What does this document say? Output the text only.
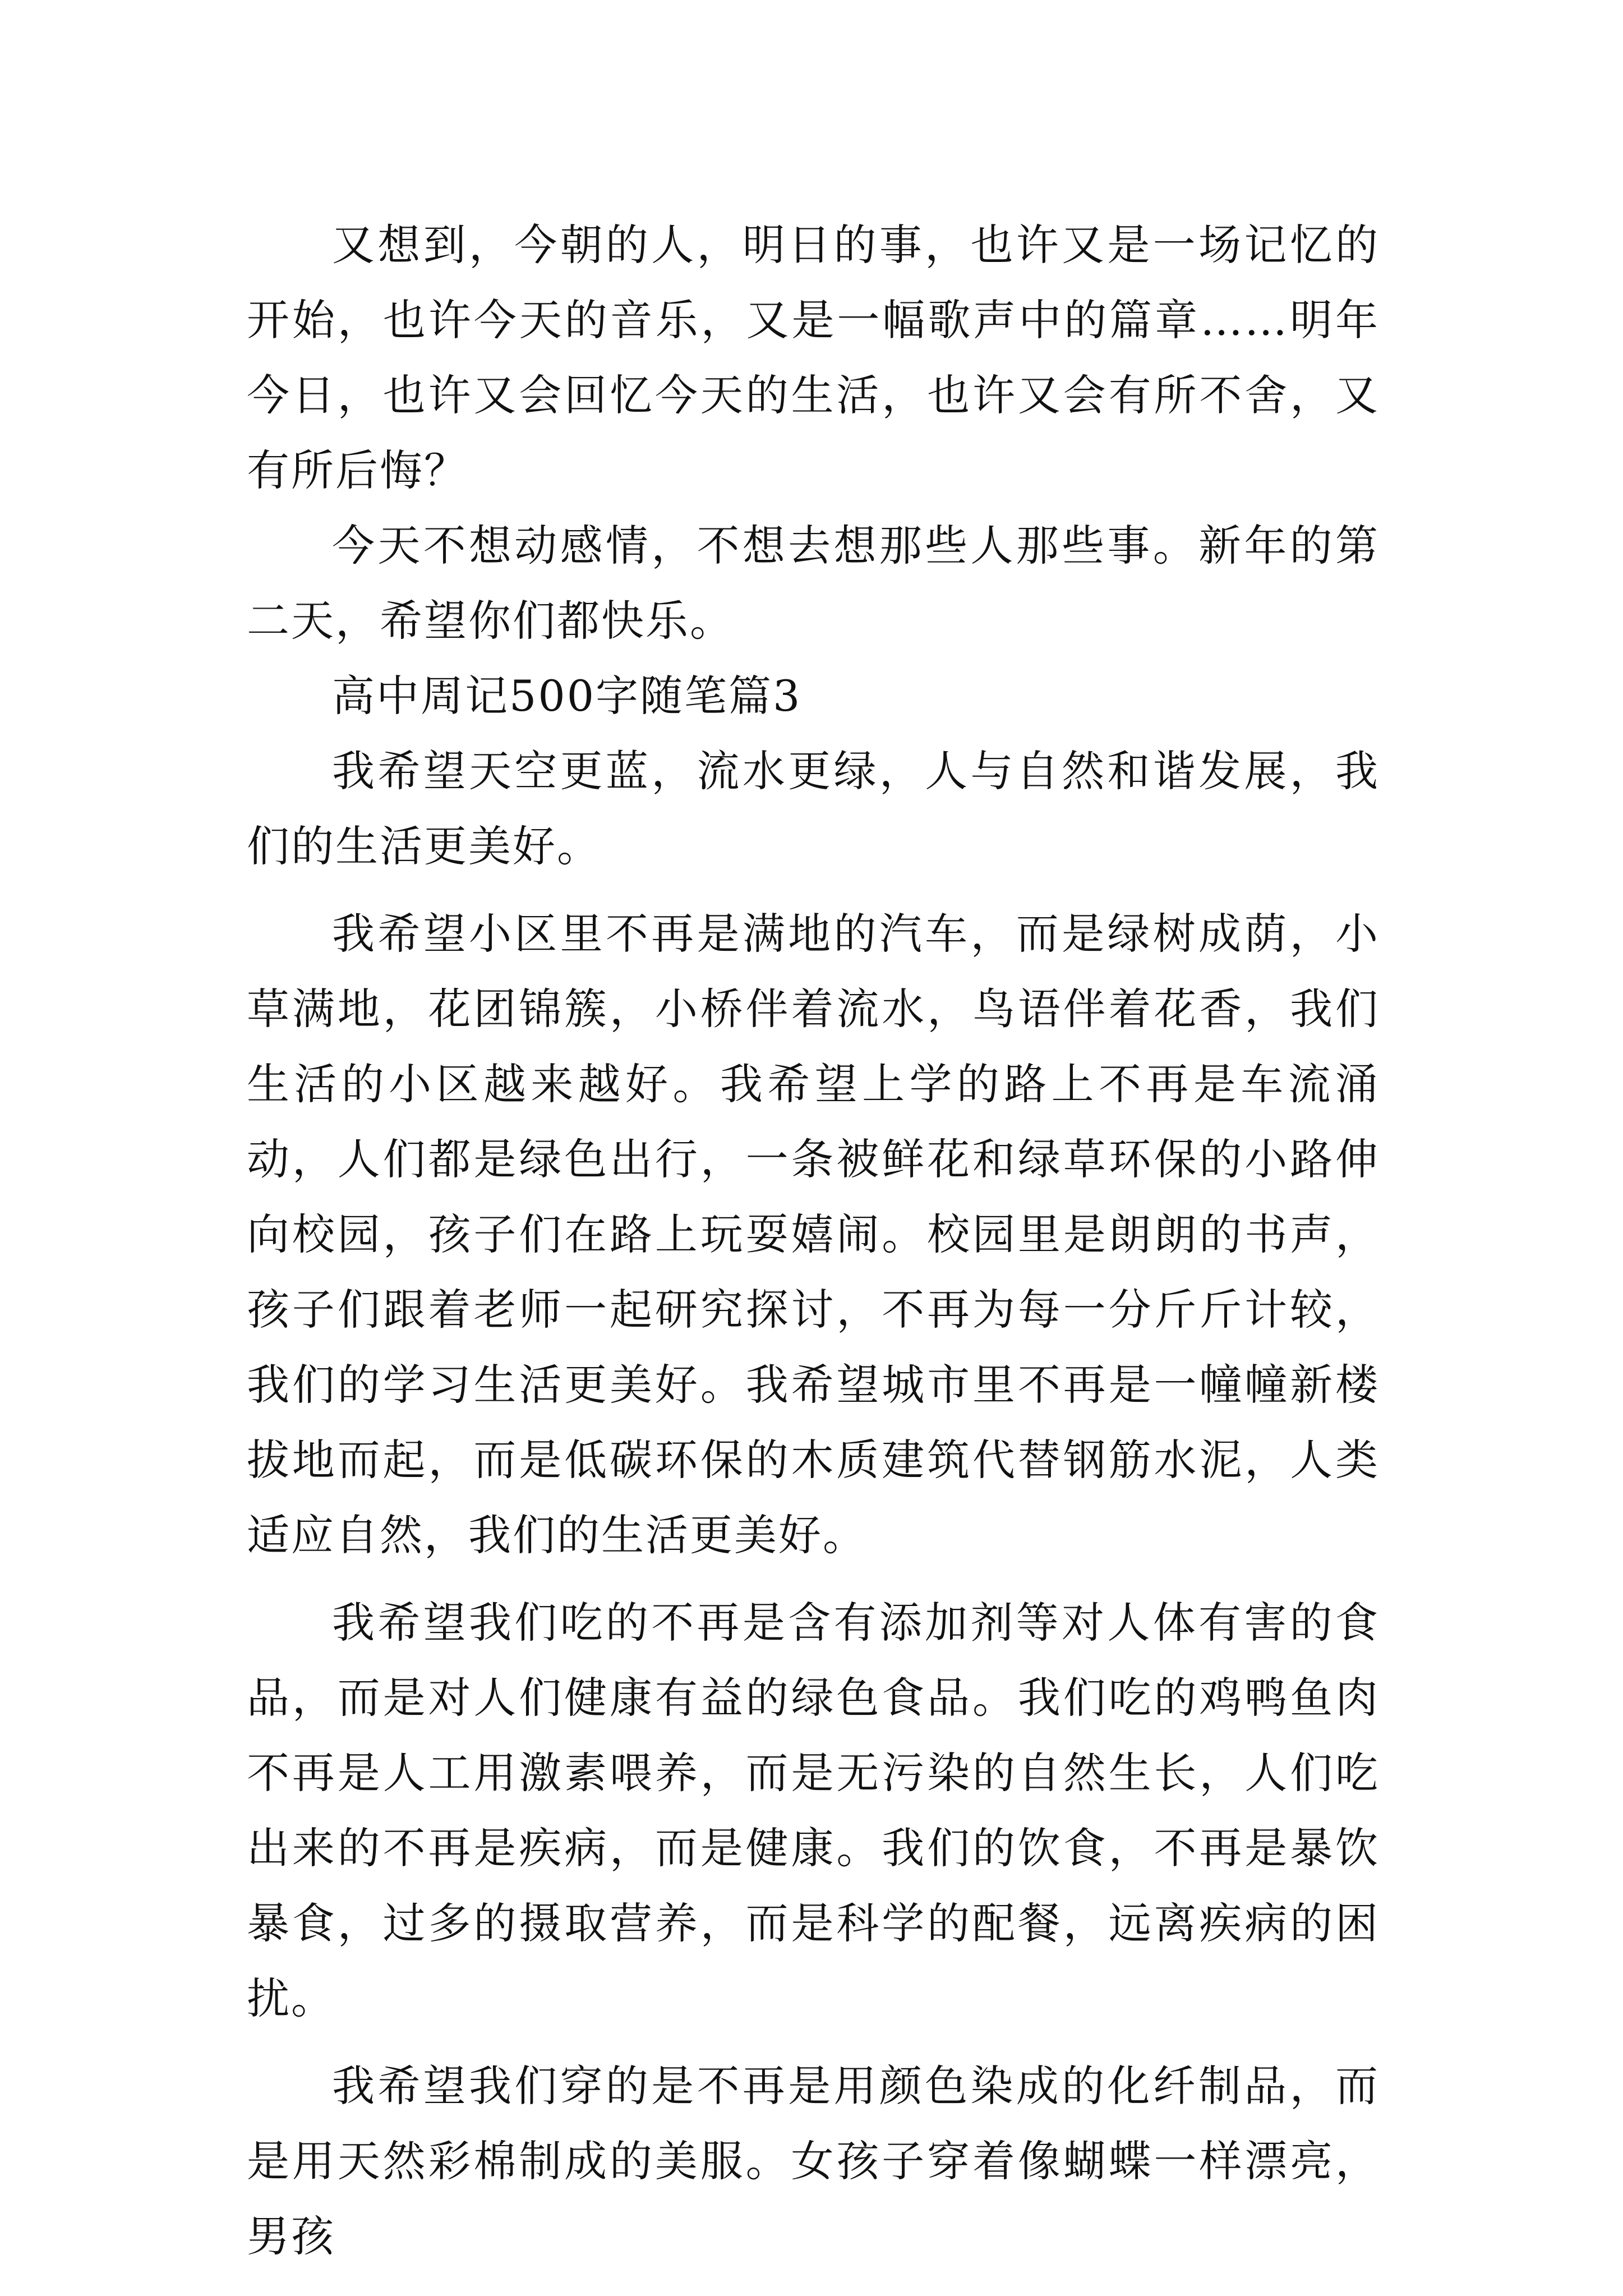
又想到，今朝的人，明日的事，也许又是一场记忆的开始，也许今天的音乐，又是一幅歌声中的篇章……明年今日，也许又会回忆今天的生活，也许又会有所不舍，又有所后悔？

今天不想动感情，不想去想那些人那些事。新年的第二天，希望你们都快乐。

高中周记500字随笔篇3

我希望天空更蓝，流水更绿，人与自然和谐发展，我们的生活更美好。

我希望小区里不再是满地的汽车，而是绿树成荫，小草满地，花团锦簇，小桥伴着流水，鸟语伴着花香，我们生活的小区越来越好。我希望上学的路上不再是车流涌动，人们都是绿色出行，一条被鲜花和绿草环保的小路伸向校园，孩子们在路上玩耍嬉闹。校园里是朗朗的书声，孩子们跟着老师一起研究探讨，不再为每一分斤斤计较，我们的学习生活更美好。我希望城市里不再是一幢幢新楼拔地而起，而是低碳环保的木质建筑代替钢筋水泥，人类适应自然，我们的生活更美好。

我希望我们吃的不再是含有添加剂等对人体有害的食品，而是对人们健康有益的绿色食品。我们吃的鸡鸭鱼肉不再是人工用激素喂养，而是无污染的自然生长，人们吃出来的不再是疾病，而是健康。我们的饮食，不再是暴饮暴食，过多的摄取营养，而是科学的配餐，远离疾病的困扰。

我希望我们穿的是不再是用颜色染成的化纤制品，而是用天然彩棉制成的美服。女孩子穿着像蝴蝶一样漂亮，男孩
